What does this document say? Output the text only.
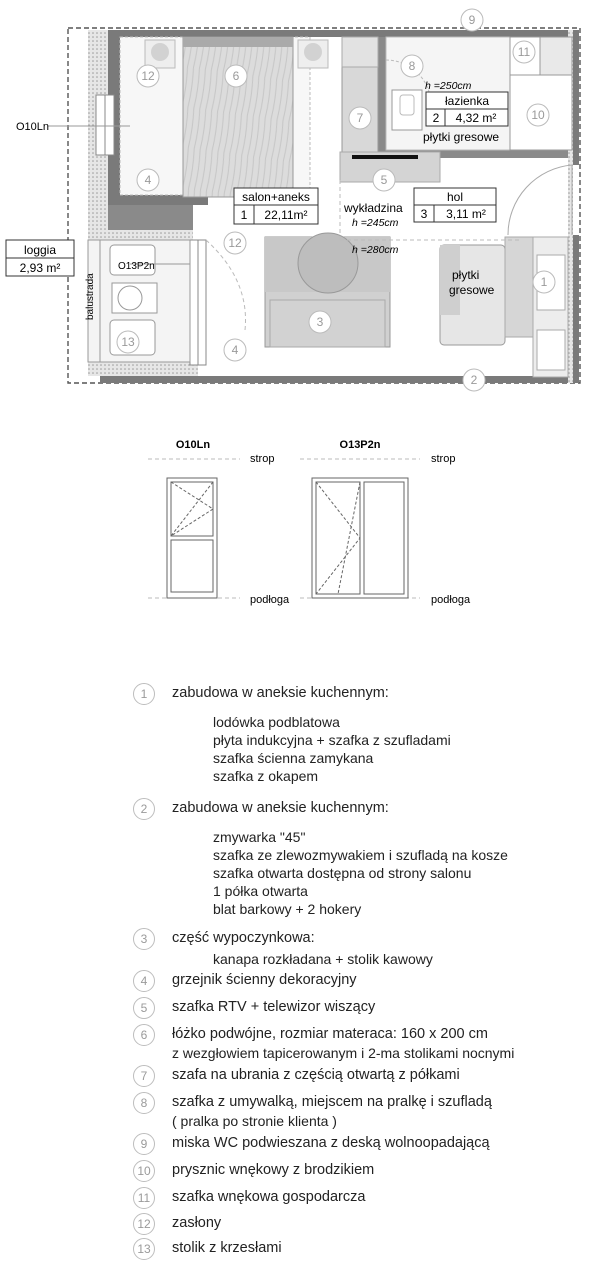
1
2
3
4
4
5
6
7
8
9
10
11
12
12
13
salon+aneks
1 22,11m²
łazienka
2 4,32 m²
hol
3 3,11 m²
loggia
2,93 m²
h =250cm
h =245cm
h =280cm
płytki gresowe
wykładzina
płytki
gresowe
O10Ln
O13P2n
balustrada
O10Ln
strop
podłoga
O13P2n
strop
podłoga
1	zabudowa w aneksie kuchennym:
lodówka podblatowa
płyta indukcyjna + szafka z szufladami
szafka ścienna zamykana
szafka z okapem
2	zabudowa w aneksie kuchennym:
zmywarka "45"
szafka ze zlewozmywakiem i szufladą na kosze
szafka otwarta dostępna od strony salonu
1 półka otwarta
blat barkowy + 2 hokery
3	część wypoczynkowa:
kanapa rozkładana + stolik kawowy
4	grzejnik ścienny dekoracyjny
5	szafka RTV + telewizor wiszący
6	łóżko podwójne, rozmiar materaca: 160 x 200 cm
z wezgłowiem tapicerowanym i 2-ma stolikami nocnymi
7	szafa na ubrania z częścią otwartą z półkami
8	szafka z umywalką, miejscem na pralkę i szufladą
( pralka po stronie klienta )
9	miska WC podwieszana z deską wolnoopadającą
10 prysznic wnękowy z brodzikiem
11	szafka wnękowa gospodarcza
12 zasłony
13 stolik z krzesłami
